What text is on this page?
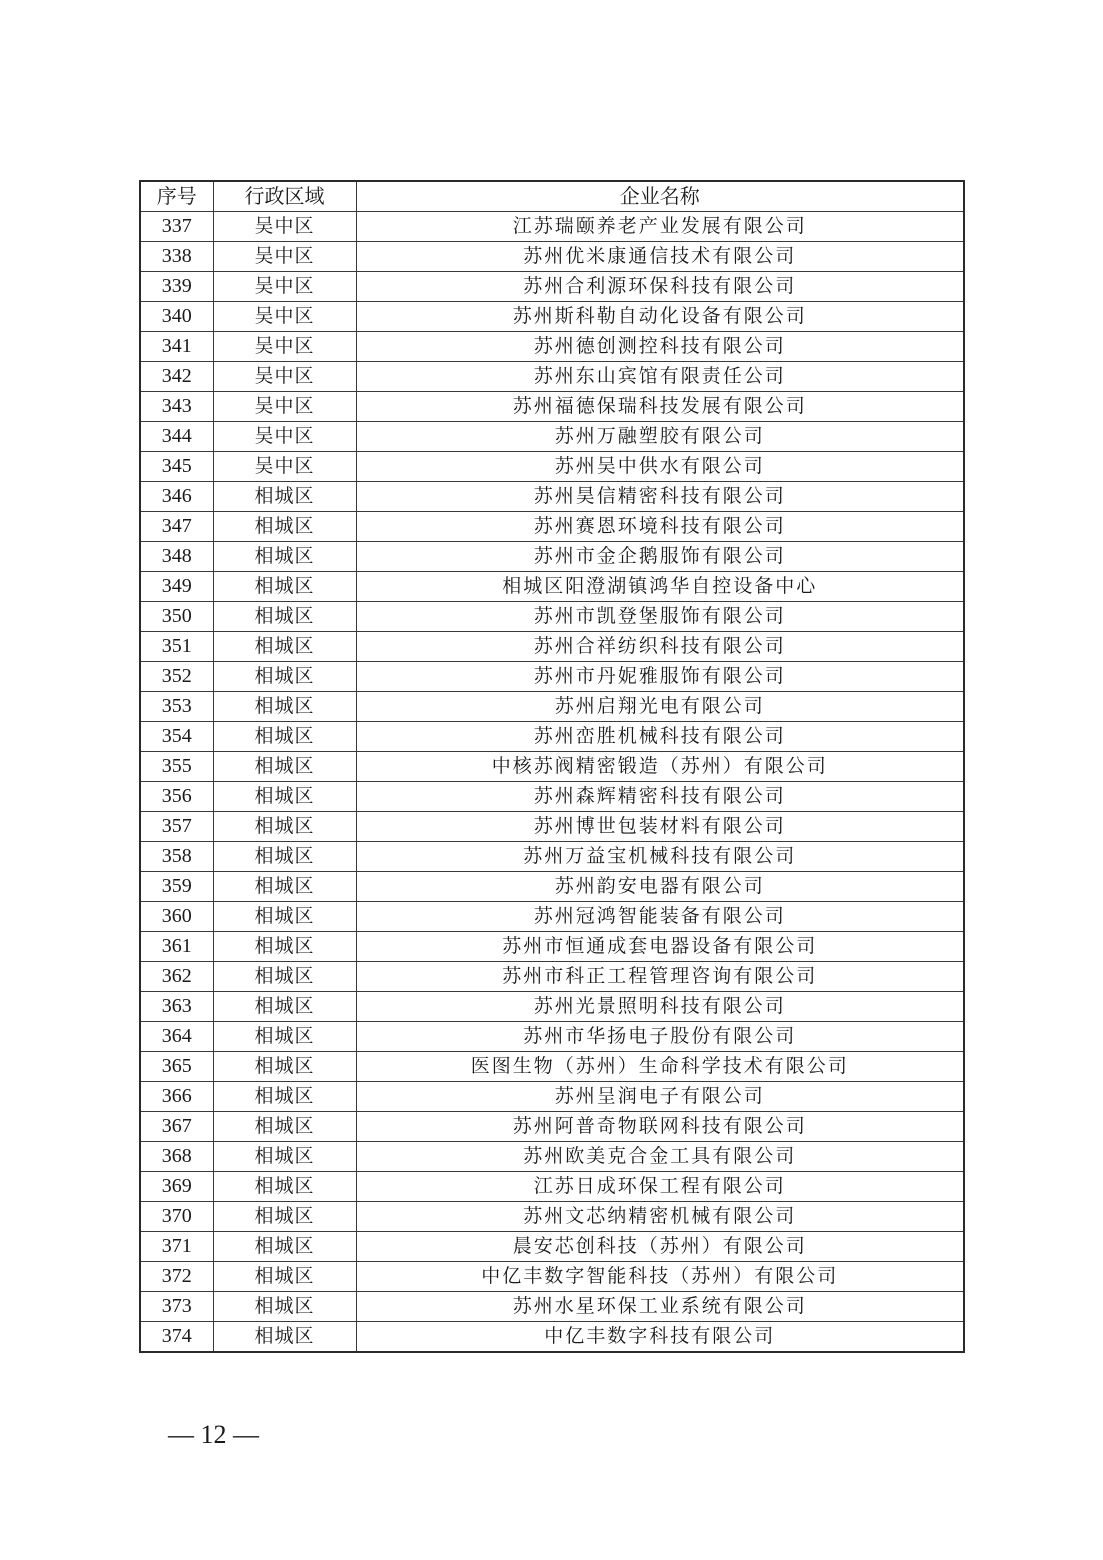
序号	行政区域	企业名称
337	吴中区	江苏瑞颐养老产业发展有限公司
338	吴中区	苏州优米康通信技术有限公司
339	吴中区	苏州合利源环保科技有限公司
340	吴中区	苏州斯科勒自动化设备有限公司
341	吴中区	苏州德创测控科技有限公司
342	吴中区	苏州东山宾馆有限责任公司
343	吴中区	苏州福德保瑞科技发展有限公司
344	吴中区	苏州万融塑胶有限公司
345	吴中区	苏州吴中供水有限公司
346	相城区	苏州昊信精密科技有限公司
347	相城区	苏州赛恩环境科技有限公司
348	相城区	苏州市金企鹅服饰有限公司
349	相城区	相城区阳澄湖镇鸿华自控设备中心
350	相城区	苏州市凯登堡服饰有限公司
351	相城区	苏州合祥纺织科技有限公司
352	相城区	苏州市丹妮雅服饰有限公司
353	相城区	苏州启翔光电有限公司
354	相城区	苏州峦胜机械科技有限公司
355	相城区	中核苏阀精密锻造（苏州）有限公司
356	相城区	苏州森辉精密科技有限公司
357	相城区	苏州博世包装材料有限公司
358	相城区	苏州万益宝机械科技有限公司
359	相城区	苏州韵安电器有限公司
360	相城区	苏州冠鸿智能装备有限公司
361	相城区	苏州市恒通成套电器设备有限公司
362	相城区	苏州市科正工程管理咨询有限公司
363	相城区	苏州光景照明科技有限公司
364	相城区	苏州市华扬电子股份有限公司
365	相城区	医图生物（苏州）生命科学技术有限公司
366	相城区	苏州呈润电子有限公司
367	相城区	苏州阿普奇物联网科技有限公司
368	相城区	苏州欧美克合金工具有限公司
369	相城区	江苏日成环保工程有限公司
370	相城区	苏州文芯纳精密机械有限公司
371	相城区	晨安芯创科技（苏州）有限公司
372	相城区	中亿丰数字智能科技（苏州）有限公司
373	相城区	苏州水星环保工业系统有限公司
374	相城区	中亿丰数字科技有限公司
— 12 —
